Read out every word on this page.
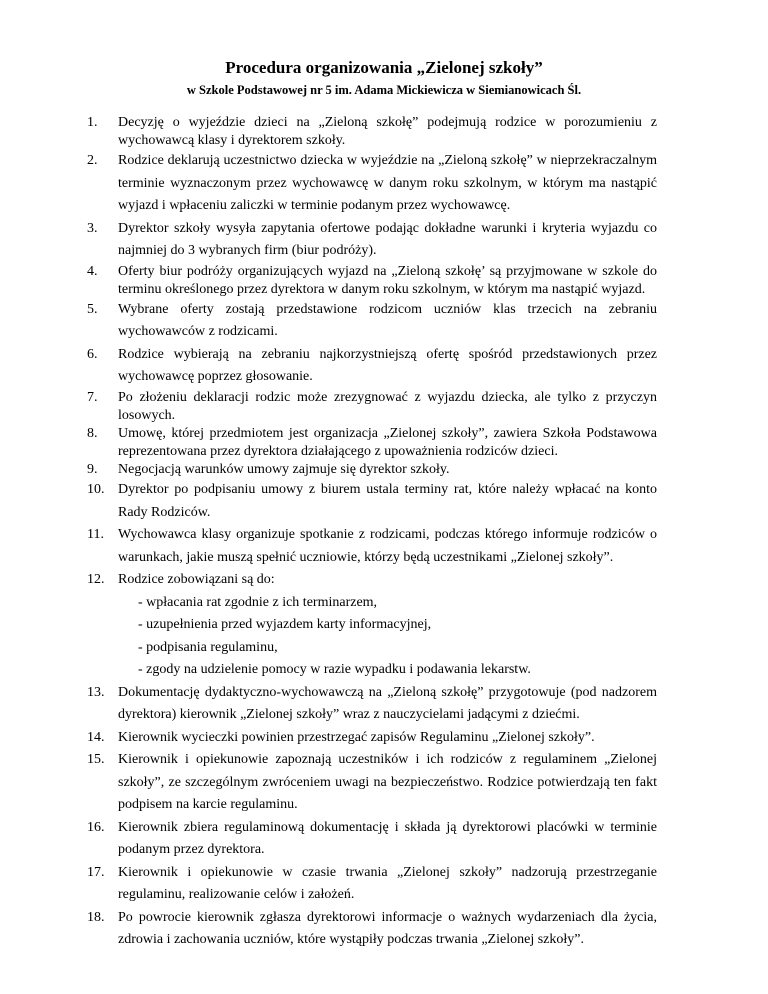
Procedura organizowania „Zielonej szkoły”
w Szkole Podstawowej nr 5 im. Adama Mickiewicza w Siemianowicach Śl.
1.	Decyzję o wyjeździe dzieci na „Zieloną szkołę” podejmują rodzice w porozumieniu z wychowawcą klasy i dyrektorem szkoły.
2.	Rodzice deklarują uczestnictwo dziecka w wyjeździe na „Zieloną szkołę” w nieprzekraczalnym terminie wyznaczonym przez wychowawcę w danym roku szkolnym, w którym ma nastąpić wyjazd i wpłaceniu zaliczki w terminie podanym przez wychowawcę.
3.	Dyrektor szkoły wysyła zapytania ofertowe podając dokładne warunki i kryteria wyjazdu co najmniej do 3 wybranych firm (biur podróży).
4.	Oferty biur podróży organizujących wyjazd na „Zieloną szkołę’ są przyjmowane w szkole do terminu określonego przez dyrektora w danym roku szkolnym, w którym ma nastąpić wyjazd.
5.	Wybrane oferty zostają przedstawione rodzicom uczniów klas trzecich na zebraniu wychowawców z rodzicami.
6.	Rodzice wybierają na zebraniu najkorzystniejszą ofertę spośród przedstawionych przez wychowawcę poprzez głosowanie.
7.	Po złożeniu deklaracji rodzic może zrezygnować z wyjazdu dziecka, ale tylko z przyczyn losowych.
8.	Umowę, której przedmiotem jest organizacja „Zielonej szkoły”, zawiera Szkoła Podstawowa reprezentowana przez dyrektora działającego z upoważnienia rodziców dzieci.
9.	Negocjacją warunków umowy zajmuje się dyrektor szkoły.
10. Dyrektor po podpisaniu umowy z biurem ustala terminy rat, które należy wpłacać na konto Rady Rodziców.
11.	Wychowawca klasy organizuje spotkanie z rodzicami, podczas którego informuje rodziców o warunkach, jakie muszą spełnić uczniowie, którzy będą uczestnikami „Zielonej szkoły”.
12. Rodzice zobowiązani są do:
- wpłacania rat zgodnie z ich terminarzem,
- uzupełnienia przed wyjazdem karty informacyjnej,
- podpisania regulaminu,
- zgody na udzielenie pomocy w razie wypadku i podawania lekarstw.
13. Dokumentację dydaktyczno-wychowawczą na „Zieloną szkołę” przygotowuje (pod nadzorem dyrektora) kierownik „Zielonej szkoły” wraz z nauczycielami jadącymi z dziećmi.
14. Kierownik wycieczki powinien przestrzegać zapisów Regulaminu „Zielonej szkoły”.
15. Kierownik i opiekunowie zapoznają uczestników i ich rodziców z regulaminem „Zielonej szkoły”, ze szczególnym zwróceniem uwagi na bezpieczeństwo. Rodzice potwierdzają ten fakt podpisem na karcie regulaminu.
16. Kierownik zbiera regulaminową dokumentację i składa ją dyrektorowi placówki w terminie podanym przez dyrektora.
17. Kierownik i opiekunowie w czasie trwania „Zielonej szkoły” nadzorują przestrzeganie regulaminu, realizowanie celów i założeń.
18. Po powrocie kierownik zgłasza dyrektorowi informacje o ważnych wydarzeniach dla życia, zdrowia i zachowania uczniów, które wystąpiły podczas trwania „Zielonej szkoły”.
